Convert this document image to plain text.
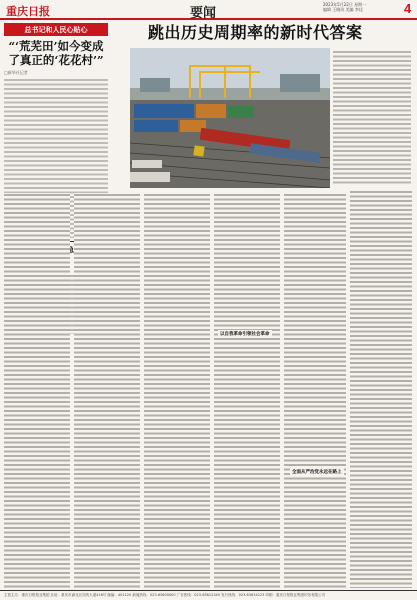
重庆日报	要闻
2023年5月22日 星期一
编辑 王晓风 美编 李佳	4
总书记和人民心贴心
“‘荒芜田’如今变成了真正的‘花花村’”
□新华社记者
跳出历史周期率的新时代答案
以自我革命引领社会革命
全面从严治党永远在路上
主管主办：重庆日报报业集团 社址：重庆市渝北区同茂大道416号 邮编：401120 新闻热线：023-63600000 广告热线：023-63612345 发行热线：023-63634123 印刷：重庆日报报业集团印务有限公司
